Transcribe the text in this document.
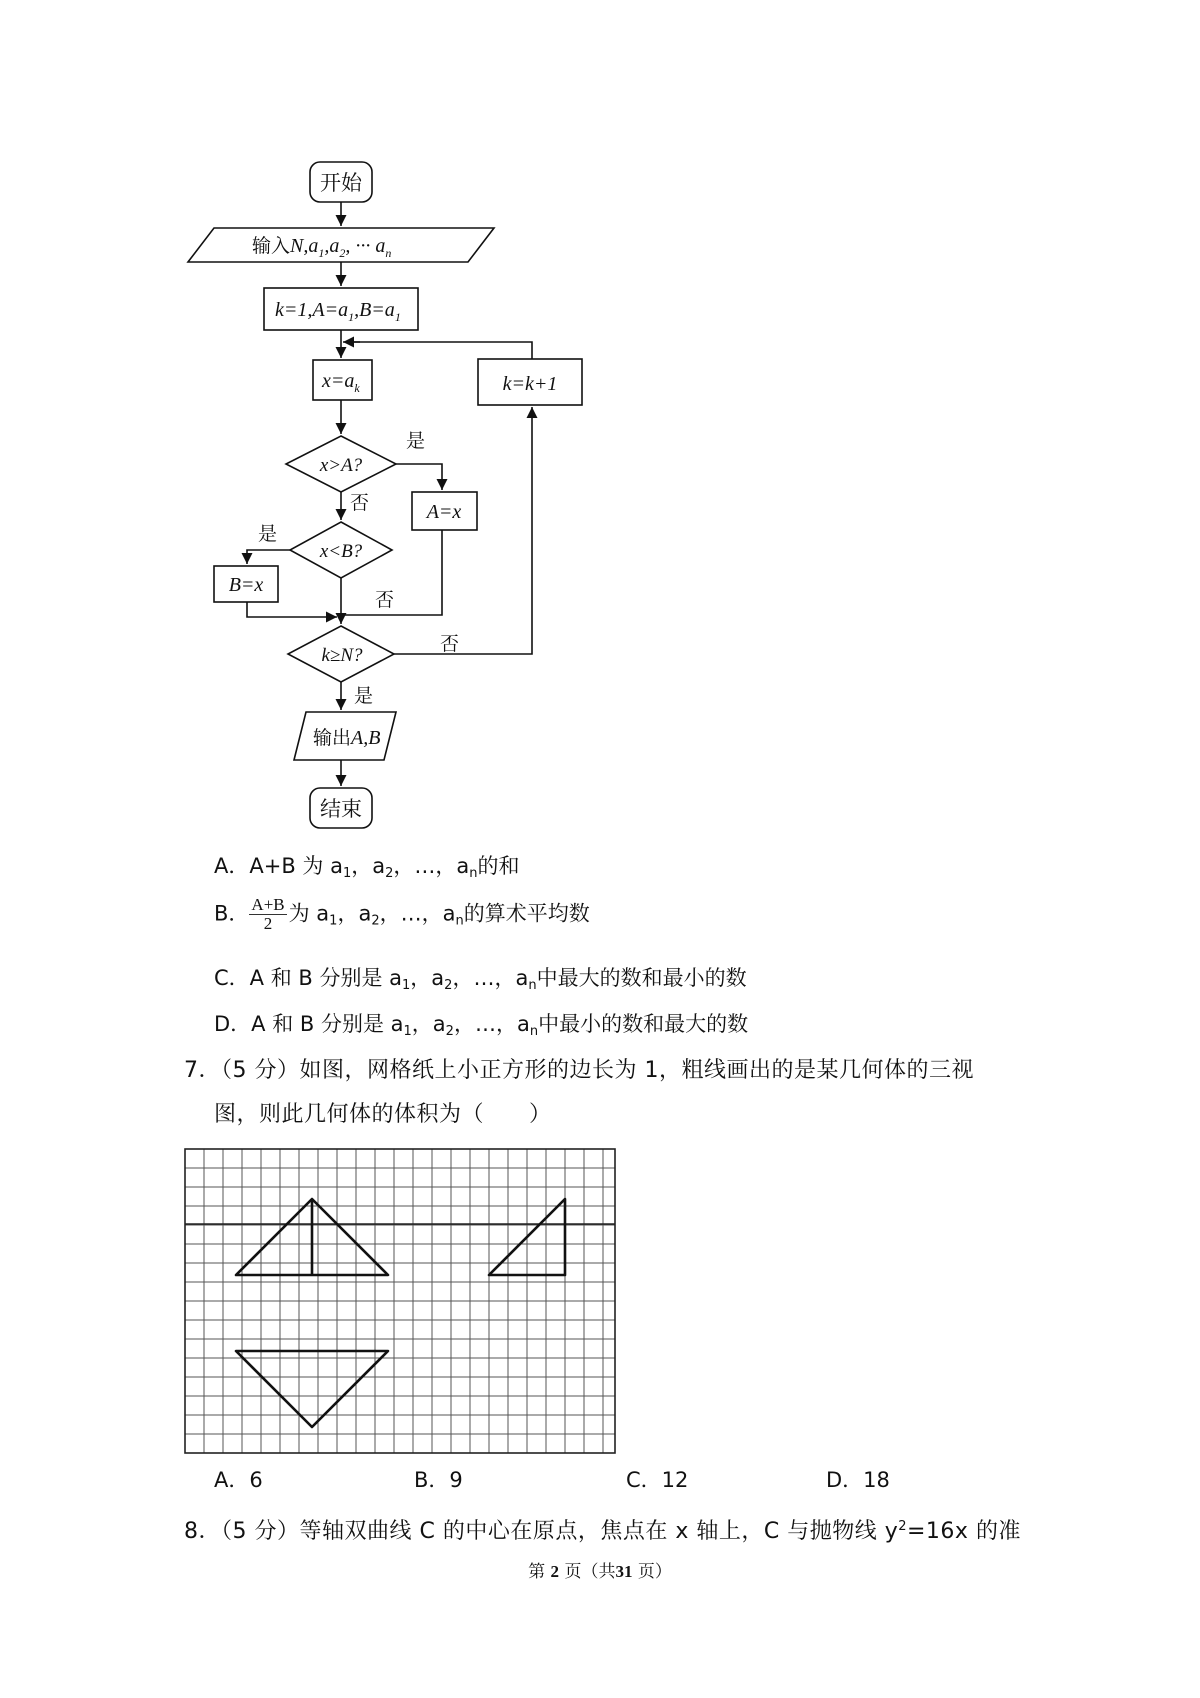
开始
输入$N,a_1,a_2$, ··· $a_n$
$k=1,A=a_1,B=a_1$
$x=a_k$	k=k+1
x>A?
是
否	A=x
x<B?
是
否
B=x
k≥N?
否
是
输出A,B
结束
A．A+B 为 $a_1$，$a_2$，…，$a_n$的和
B． $\frac{A+B}{2}$ 为 $a_1$，$a_2$，…，$a_n$的算术平均数
C．A 和 B 分别是 $a_1$，$a_2$，…，$a_n$中最大的数和最小的数
D．A 和 B 分别是 $a_1$，$a_2$，…，$a_n$中最小的数和最大的数
7．（5 分）如图，网格纸上小正方形的边长为 1，粗线画出的是某几何体的三视
图，则此几何体的体积为（　　）
A．6	B．9	C．12	D．18
8．（5 分）等轴双曲线 C 的中心在原点，焦点在 x 轴上，C 与抛物线 $y^2=16x$ 的准
第 2 页（共31 页）
